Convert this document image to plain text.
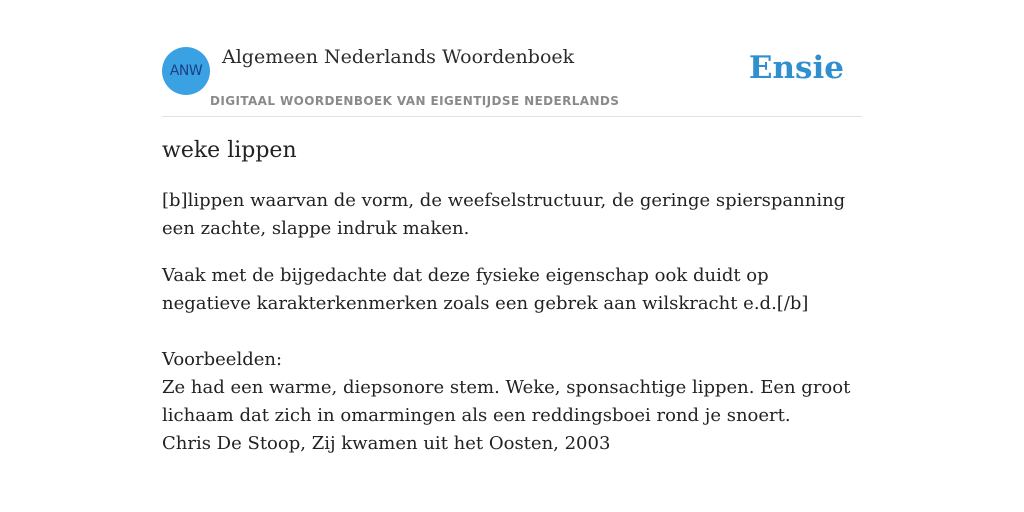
ANW
Algemeen Nederlands Woordenboek
DIGITAAL WOORDENBOEK VAN EIGENTIJDSE NEDERLANDS
Ensie
weke lippen

[b]lippen waarvan de vorm, de weefselstructuur, de geringe spierspanning een zachte, slappe indruk maken.

Vaak met de bijgedachte dat deze fysieke eigenschap ook duidt op negatieve karakterkenmerken zoals een gebrek aan wilskracht e.d.[/b]

Voorbeelden:
Ze had een warme, diepsonore stem. Weke, sponsachtige lippen. Een groot lichaam dat zich in omarmingen als een reddingsboei rond je snoert.
Chris De Stoop, Zij kwamen uit het Oosten, 2003
